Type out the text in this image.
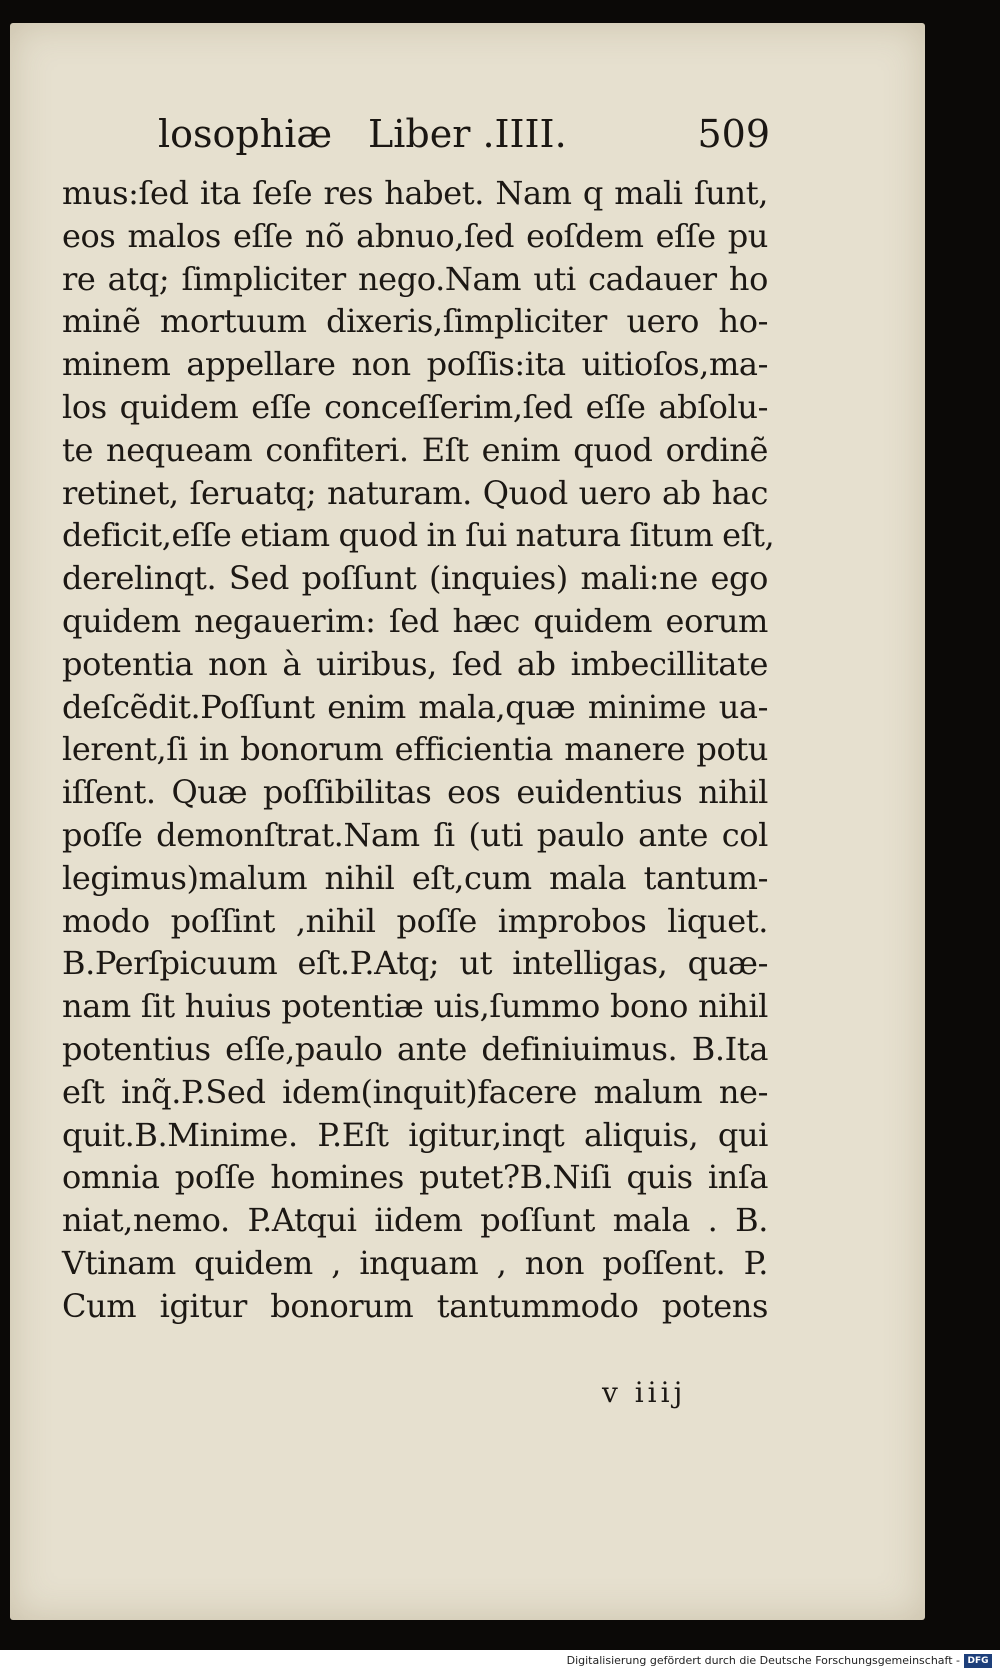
losophiæ Liber .IIII.	509
mus:ſed ita ſeſe res habet. Nam q mali ſunt,
eos malos eſſe nõ abnuo,ſed eoſdem eſſe pu
re atq; ſimpliciter nego.Nam uti cadauer ho
minẽ mortuum dixeris,ſimpliciter uero ho-
minem appellare non poſſis:ita uitioſos,ma-
los quidem eſſe conceſſerim,ſed eſſe abſolu-
te nequeam confiteri. Eſt enim quod ordinẽ
retinet, ſeruatq; naturam. Quod uero ab hac
deficit,eſſe etiam quod in ſui natura ſitum eſt,
derelinqt. Sed poſſunt (inquies) mali:ne ego
quidem negauerim: ſed hæc quidem eorum
potentia non à uiribus, ſed ab imbecillitate
deſcẽdit.Poſſunt enim mala,quæ minime ua-
lerent,ſi in bonorum efficientia manere potu
iſſent. Quæ poſſibilitas eos euidentius nihil
poſſe demonſtrat.Nam ſi (uti paulo ante col
legimus)malum nihil eſt,cum mala tantum-
modo poſſint ,nihil poſſe improbos liquet.
B.Perſpicuum eſt.P.Atq; ut intelligas, quæ-
nam ſit huius potentiæ uis,ſummo bono nihil
potentius eſſe,paulo ante definiuimus. B.Ita
eſt inq̃.P.Sed idem(inquit)facere malum ne-
quit.B.Minime. P.Eſt igitur,inqt aliquis, qui
omnia poſſe homines putet?B.Niſi quis inſa
niat,nemo. P.Atqui iidem poſſunt mala . B.
Vtinam quidem , inquam , non poſſent. P.
Cum igitur bonorum tantummodo potens
v iiij
Digitalisierung gefördert durch die Deutsche Forschungsgemeinschaft - DFG
